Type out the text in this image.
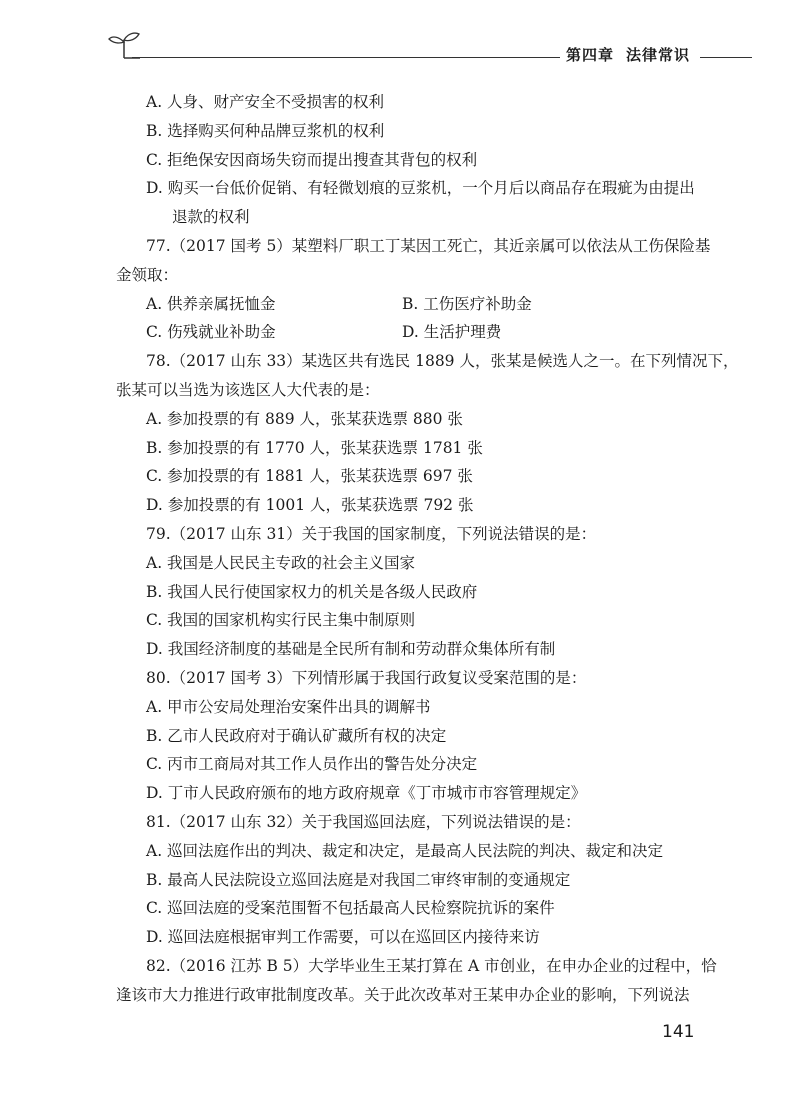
第四章 法律常识
A. 人身、财产安全不受损害的权利
B. 选择购买何种品牌豆浆机的权利
C. 拒绝保安因商场失窃而提出搜查其背包的权利
D. 购买一台低价促销、有轻微划痕的豆浆机，一个月后以商品存在瑕疵为由提出
退款的权利
77.（2017 国考 5）某塑料厂职工丁某因工死亡，其近亲属可以依法从工伤保险基
金领取：
A. 供养亲属抚恤金	B. 工伤医疗补助金
C. 伤残就业补助金	D. 生活护理费
78.（2017 山东 33）某选区共有选民 1889 人，张某是候选人之一。在下列情况下，
张某可以当选为该选区人大代表的是：
A. 参加投票的有 889 人，张某获选票 880 张
B. 参加投票的有 1770 人，张某获选票 1781 张
C. 参加投票的有 1881 人，张某获选票 697 张
D. 参加投票的有 1001 人，张某获选票 792 张
79.（2017 山东 31）关于我国的国家制度，下列说法错误的是：
A. 我国是人民民主专政的社会主义国家
B. 我国人民行使国家权力的机关是各级人民政府
C. 我国的国家机构实行民主集中制原则
D. 我国经济制度的基础是全民所有制和劳动群众集体所有制
80.（2017 国考 3）下列情形属于我国行政复议受案范围的是：
A. 甲市公安局处理治安案件出具的调解书
B. 乙市人民政府对于确认矿藏所有权的决定
C. 丙市工商局对其工作人员作出的警告处分决定
D. 丁市人民政府颁布的地方政府规章《丁市城市市容管理规定》
81.（2017 山东 32）关于我国巡回法庭，下列说法错误的是：
A. 巡回法庭作出的判决、裁定和决定，是最高人民法院的判决、裁定和决定
B. 最高人民法院设立巡回法庭是对我国二审终审制的变通规定
C. 巡回法庭的受案范围暂不包括最高人民检察院抗诉的案件
D. 巡回法庭根据审判工作需要，可以在巡回区内接待来访
82.（2016 江苏 B 5）大学毕业生王某打算在 A 市创业，在申办企业的过程中，恰
逢该市大力推进行政审批制度改革。关于此次改革对王某申办企业的影响，下列说法
141
